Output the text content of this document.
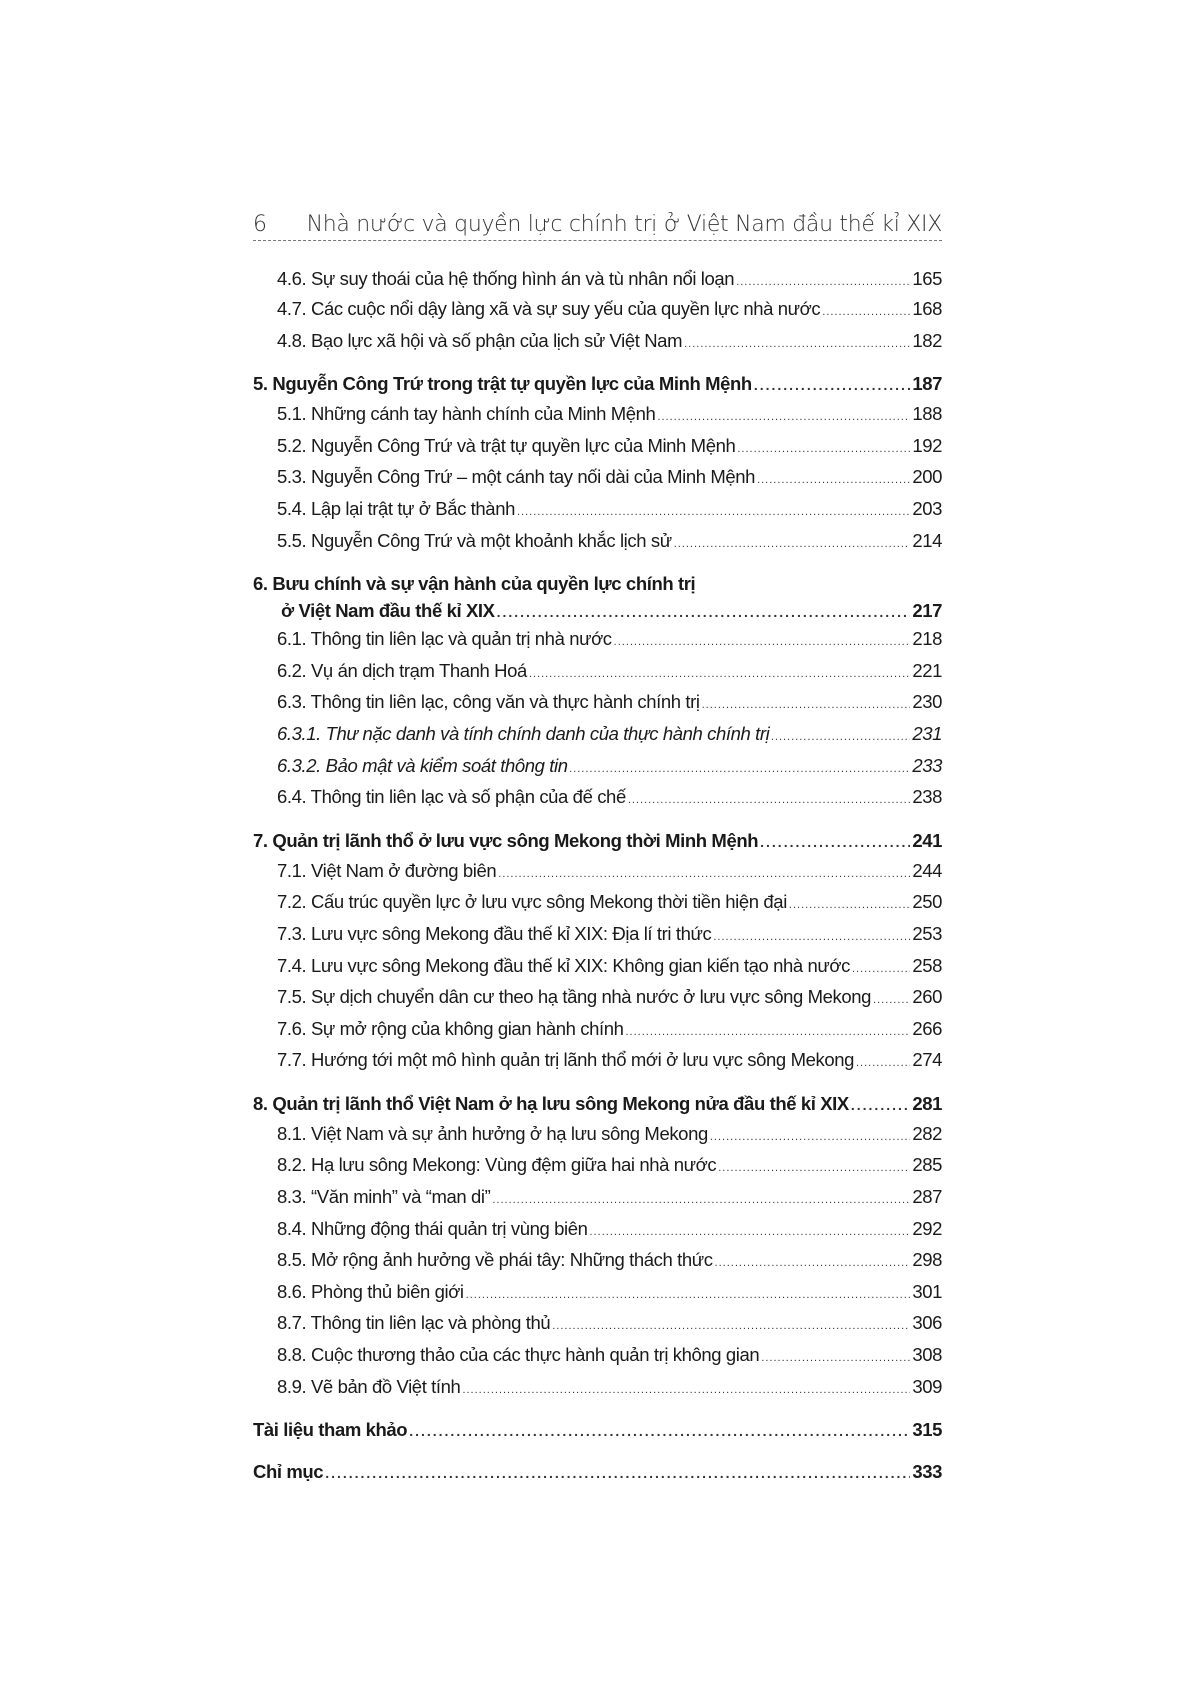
6 Nhà nước và quyền lực chính trị ở Việt Nam đầu thế kỉ XIX
4.6. Sự suy thoái của hệ thống hình án và tù nhân nổi loạn .....	165
4.7. Các cuộc nổi dậy làng xã và sự suy yếu của quyền lực nhà nước .....	168
4.8. Bạo lực xã hội và số phận của lịch sử Việt Nam .....	182
5. Nguyễn Công Trứ trong trật tự quyền lực của Minh Mệnh .....	187
5.1. Những cánh tay hành chính của Minh Mệnh .....	188
5.2. Nguyễn Công Trứ và trật tự quyền lực của Minh Mệnh .....	192
5.3. Nguyễn Công Trứ – một cánh tay nối dài của Minh Mệnh .....	200
5.4. Lập lại trật tự ở Bắc thành .....	203
5.5. Nguyễn Công Trứ và một khoảnh khắc lịch sử .....	214
6. Bưu chính và sự vận hành của quyền lực chính trị
ở Việt Nam đầu thế kỉ XIX .....	217
6.1. Thông tin liên lạc và quản trị nhà nước .....	218
6.2. Vụ án dịch trạm Thanh Hoá .....	221
6.3. Thông tin liên lạc, công văn và thực hành chính trị .....	230
6.3.1. Thư nặc danh và tính chính danh của thực hành chính trị .....	231
6.3.2. Bảo mật và kiểm soát thông tin .....	233
6.4. Thông tin liên lạc và số phận của đế chế .....	238
7. Quản trị lãnh thổ ở lưu vực sông Mekong thời Minh Mệnh .....	241
7.1. Việt Nam ở đường biên .....	244
7.2. Cấu trúc quyền lực ở lưu vực sông Mekong thời tiền hiện đại .....	250
7.3. Lưu vực sông Mekong đầu thế kỉ XIX: Địa lí tri thức .....	253
7.4. Lưu vực sông Mekong đầu thế kỉ XIX: Không gian kiến tạo nhà nước .....	258
7.5. Sự dịch chuyển dân cư theo hạ tầng nhà nước ở lưu vực sông Mekong ..... 260
7.6. Sự mở rộng của không gian hành chính .....	266
7.7. Hướng tới một mô hình quản trị lãnh thổ mới ở lưu vực sông Mekong .....	274
8. Quản trị lãnh thổ Việt Nam ở hạ lưu sông Mekong nửa đầu thế kỉ XIX .....	281
8.1. Việt Nam và sự ảnh hưởng ở hạ lưu sông Mekong .....	282
8.2. Hạ lưu sông Mekong: Vùng đệm giữa hai nhà nước .....	285
8.3. “Văn minh” và “man di” .....	287
8.4. Những động thái quản trị vùng biên .....	292
8.5. Mở rộng ảnh hưởng về phái tây: Những thách thức .....	298
8.6. Phòng thủ biên giới .....	301
8.7. Thông tin liên lạc và phòng thủ .....	306
8.8. Cuộc thương thảo của các thực hành quản trị không gian .....	308
8.9. Vẽ bản đồ Việt tính .....	309
Tài liệu tham khảo .....	315
Chỉ mục .....	333
